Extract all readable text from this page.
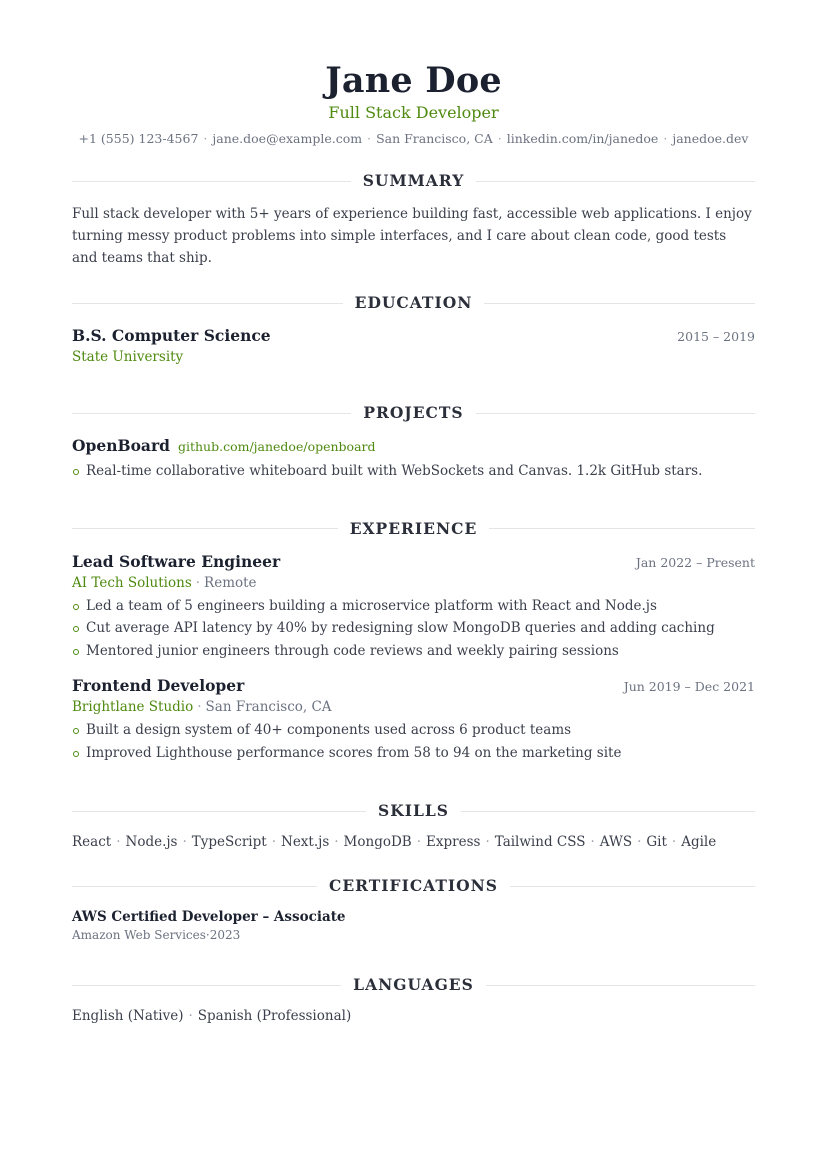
Jane Doe
Full Stack Developer
+1 (555) 123-4567 · jane.doe@example.com · San Francisco, CA · linkedin.com/in/janedoe · janedoe.dev
SUMMARY
Full stack developer with 5+ years of experience building fast, accessible web applications. I enjoy turning messy product problems into simple interfaces, and I care about clean code, good tests and teams that ship.
EDUCATION
B.S. Computer Science	2015 – 2019
State University
PROJECTS
OpenBoard github.com/janedoe/openboard
Real-time collaborative whiteboard built with WebSockets and Canvas. 1.2k GitHub stars.
EXPERIENCE
Lead Software Engineer	Jan 2022 – Present
AI Tech Solutions · Remote
Led a team of 5 engineers building a microservice platform with React and Node.js
Cut average API latency by 40% by redesigning slow MongoDB queries and adding caching
Mentored junior engineers through code reviews and weekly pairing sessions
Frontend Developer	Jun 2019 – Dec 2021
Brightlane Studio · San Francisco, CA
Built a design system of 40+ components used across 6 product teams
Improved Lighthouse performance scores from 58 to 94 on the marketing site
SKILLS
React · Node.js · TypeScript · Next.js · MongoDB · Express · Tailwind CSS · AWS · Git · Agile
CERTIFICATIONS
AWS Certified Developer – Associate
Amazon Web Services·2023
LANGUAGES
English (Native) · Spanish (Professional)
